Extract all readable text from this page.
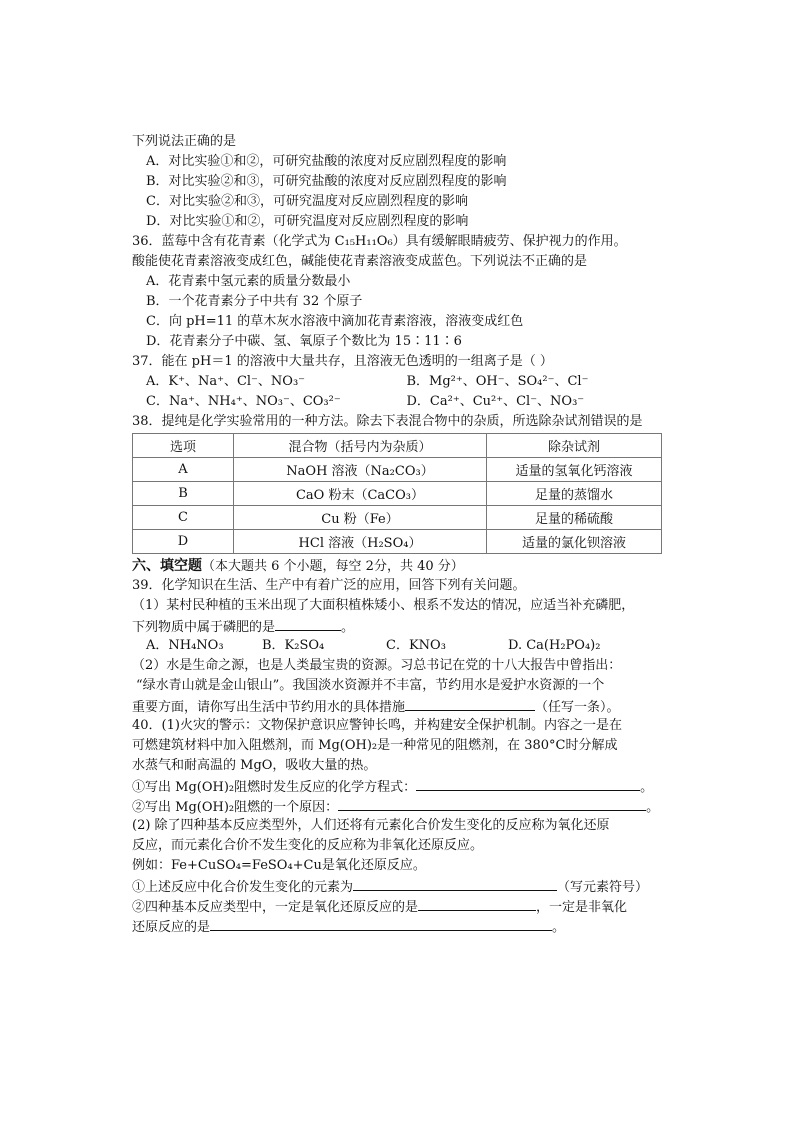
下列说法正确的是
A．对比实验①和②，可研究盐酸的浓度对反应剧烈程度的影响
B．对比实验②和③，可研究盐酸的浓度对反应剧烈程度的影响
C．对比实验②和③，可研究温度对反应剧烈程度的影响
D．对比实验①和②，可研究温度对反应剧烈程度的影响
36．蓝莓中含有花青素（化学式为 C₁₅H₁₁O₆）具有缓解眼睛疲劳、保护视力的作用。
酸能使花青素溶液变成红色，碱能使花青素溶液变成蓝色。下列说法不正确的是
A．花青素中氢元素的质量分数最小
B．一个花青素分子中共有 32 个原子
C．向 pH=11 的草木灰水溶液中滴加花青素溶液，溶液变成红色
D．花青素分子中碳、氢、氧原子个数比为 15∶11∶6
37．能在 pH＝1 的溶液中大量共存，且溶液无色透明的一组离子是（ ）
A．K⁺、Na⁺、Cl⁻、NO₃⁻	B．Mg²⁺、OH⁻、SO₄²⁻、Cl⁻
C．Na⁺、NH₄⁺、NO₃⁻、CO₃²⁻	D．Ca²⁺、Cu²⁺、Cl⁻、NO₃⁻
38．提纯是化学实验常用的一种方法。除去下表混合物中的杂质，所选除杂试剂错误的是
选项	混合物（括号内为杂质）	除杂试剂
A	NaOH 溶液（Na₂CO₃）	适量的氢氧化钙溶液
B	CaO 粉末（CaCO₃）	足量的蒸馏水
C	Cu 粉（Fe）	足量的稀硫酸
D	HCl 溶液（H₂SO₄）	适量的氯化钡溶液
六、填空题（本大题共 6 个小题，每空 2分，共 40 分）
39．化学知识在生活、生产中有着广泛的应用，回答下列有关问题。
（1）某村民种植的玉米出现了大面积植株矮小、根系不发达的情况，应适当补充磷肥，
下列物质中属于磷肥的是	。
A．NH₄NO₃	B．K₂SO₄	C．KNO₃	D. Ca(H₂PO₄)₂
（2）水是生命之源，也是人类最宝贵的资源。习总书记在党的十八大报告中曾指出：
“绿水青山就是金山银山”。我国淡水资源并不丰富，节约用水是爱护水资源的一个
重要方面，请你写出生活中节约用水的具体措施	（任写一条）。
40．(1)火灾的警示：文物保护意识应警钟长鸣，并构建安全保护机制。内容之一是在
可燃建筑材料中加入阻燃剂，而 Mg(OH)₂是一种常见的阻燃剂，在 380°C时分解成
水蒸气和耐高温的 MgO，吸收大量的热。
①写出 Mg(OH)₂阻燃时发生反应的化学方程式：	。
②写出 Mg(OH)₂阻燃的一个原因：	。
(2) 除了四种基本反应类型外，人们还将有元素化合价发生变化的反应称为氧化还原
反应，而元素化合价不发生变化的反应称为非氧化还原反应。
例如：Fe+CuSO₄=FeSO₄+Cu是氧化还原反应。
①上述反应中化合价发生变化的元素为	（写元素符号）
②四种基本反应类型中，一定是氧化还原反应的是	，一定是非氧化
还原反应的是	。
